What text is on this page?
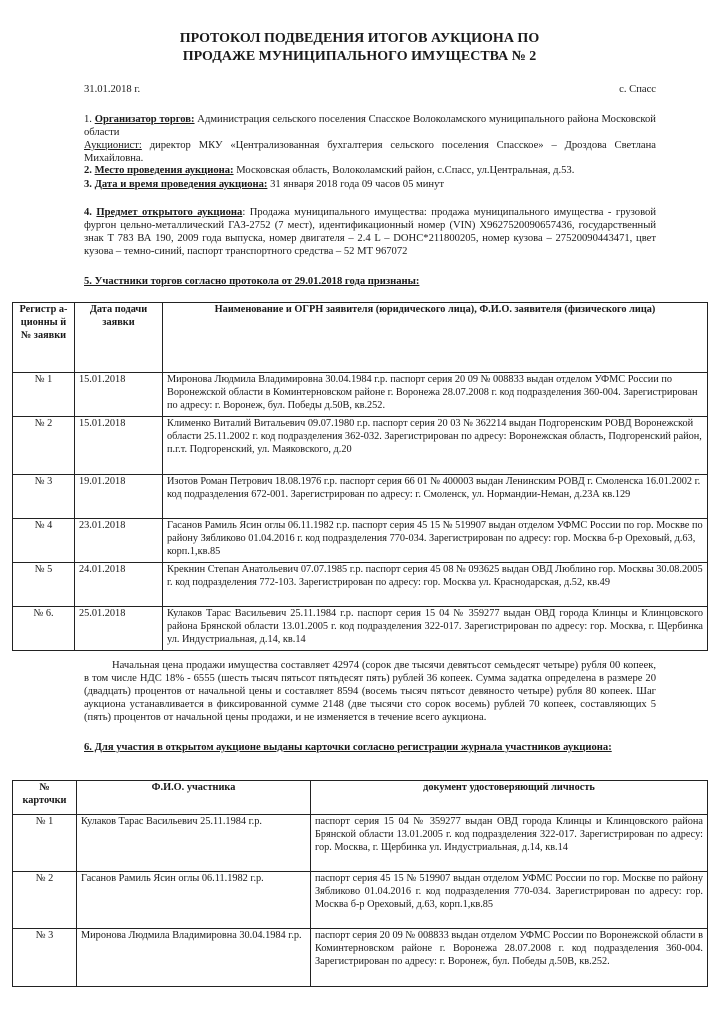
ПРОТОКОЛ ПОДВЕДЕНИЯ ИТОГОВ АУКЦИОНА ПО
ПРОДАЖЕ МУНИЦИПАЛЬНОГО ИМУЩЕСТВА № 2
31.01.2018 г.	с. Спасс
1. Организатор торгов: Администрация сельского поселения Спасское Волоколамского муниципального района Московской области
Аукционист: директор МКУ «Централизованная бухгалтерия сельского поселения Спасское» – Дроздова Светлана Михайловна.
2. Место проведения аукциона: Московская область, Волоколамский район, с.Спасс, ул.Центральная, д.53.
3. Дата и время проведения аукциона: 31 января 2018 года 09 часов 05 минут
4. Предмет открытого аукциона: Продажа муниципального имущества: продажа муниципального имущества - грузовой фургон цельно-металлический ГАЗ-2752 (7 мест), идентификационный номер (VIN) X9627520090657436, государственный знак Т 783 ВА 190, 2009 года выпуска, номер двигателя – 2.4 L – DOHC*211800205, номер кузова – 27520090443471, цвет кузова – темно-синий, паспорт транспортного средства – 52 МТ 967072
5. Участники торгов согласно протокола от 29.01.2018 года признаны:
Регистр а-ционны й № заявки	Дата подачи заявки	Наименование и ОГРН заявителя (юридического лица), Ф.И.О. заявителя (физического лица)
№ 1	15.01.2018	Миронова Людмила Владимировна 30.04.1984 г.р. паспорт серия 20 09 № 008833 выдан отделом УФМС России по Воронежской области в Коминтерновском районе г. Воронежа 28.07.2008 г. код подразделения 360-004. Зарегистрирован по адресу: г. Воронеж, бул. Победы д.50В, кв.252.
№ 2	15.01.2018	Клименко Виталий Витальевич 09.07.1980 г.р. паспорт серия 20 03 № 362214 выдан Подгоренским РОВД Воронежской области 25.11.2002 г. код подразделения 362-032. Зарегистрирован по адресу: Воронежская область, Подгоренский район, п.г.т. Подгоренский, ул. Маяковского, д.20
№ 3	19.01.2018	Изотов Роман Петрович 18.08.1976 г.р. паспорт серия 66 01 № 400003 выдан Ленинским РОВД г. Смоленска 16.01.2002 г. код подразделения 672-001. Зарегистрирован по адресу: г. Смоленск, ул. Нормандии-Неман, д.23А кв.129
№ 4	23.01.2018	Гасанов Рамиль Ясин оглы 06.11.1982 г.р. паспорт серия 45 15 № 519907 выдан отделом УФМС России по гор. Москве по району Зябликово 01.04.2016 г. код подразделения 770-034. Зарегистрирован по адресу: гор. Москва б-р Ореховый, д.63, корп.1,кв.85
№ 5	24.01.2018	Крекнин Степан Анатольевич 07.07.1985 г.р. паспорт серия 45 08 № 093625 выдан ОВД Люблино гор. Москвы 30.08.2005 г. код подразделения 772-103. Зарегистрирован по адресу: гор. Москва ул. Краснодарская, д.52, кв.49
№ 6.	25.01.2018	Кулаков Тарас Васильевич 25.11.1984 г.р. паспорт серия 15 04 № 359277 выдан ОВД города Клинцы и Клинцовского района Брянской области 13.01.2005 г. код подразделения 322-017. Зарегистрирован по адресу: гор. Москва, г. Щербинка ул. Индустриальная, д.14, кв.14
Начальная цена продажи имущества составляет 42974 (сорок две тысячи девятьсот семьдесят четыре) рубля 00 копеек, в том числе НДС 18% - 6555 (шесть тысяч пятьсот пятьдесят пять) рублей 36 копеек. Сумма задатка определена в размере 20 (двадцать) процентов от начальной цены и составляет 8594 (восемь тысяч пятьсот девяносто четыре) рубля 80 копеек. Шаг аукциона устанавливается в фиксированной сумме 2148 (две тысячи сто сорок восемь) рублей 70 копеек, составляющих 5 (пять) процентов от начальной цены продажи, и не изменяется в течение всего аукциона.
6. Для участия в открытом аукционе выданы карточки согласно регистрации журнала участников аукциона:
№ карточки	Ф.И.О. участника	документ удостоверяющий личность
№ 1	Кулаков Тарас Васильевич 25.11.1984 г.р.	паспорт серия 15 04 № 359277 выдан ОВД города Клинцы и Клинцовского района Брянской области 13.01.2005 г. код подразделения 322-017. Зарегистрирован по адресу: гор. Москва, г. Щербинка ул. Индустриальная, д.14, кв.14
№ 2	Гасанов Рамиль Ясин оглы 06.11.1982 г.р.	паспорт серия 45 15 № 519907 выдан отделом УФМС России по гор. Москве по району Зябликово 01.04.2016 г. код подразделения 770-034. Зарегистрирован по адресу: гор. Москва б-р Ореховый, д.63, корп.1,кв.85
№ 3	Миронова Людмила Владимировна 30.04.1984 г.р.	паспорт серия 20 09 № 008833 выдан отделом УФМС России по Воронежской области в Коминтерновском районе г. Воронежа 28.07.2008 г. код подразделения 360-004. Зарегистрирован по адресу: г. Воронеж, бул. Победы д.50В, кв.252.
